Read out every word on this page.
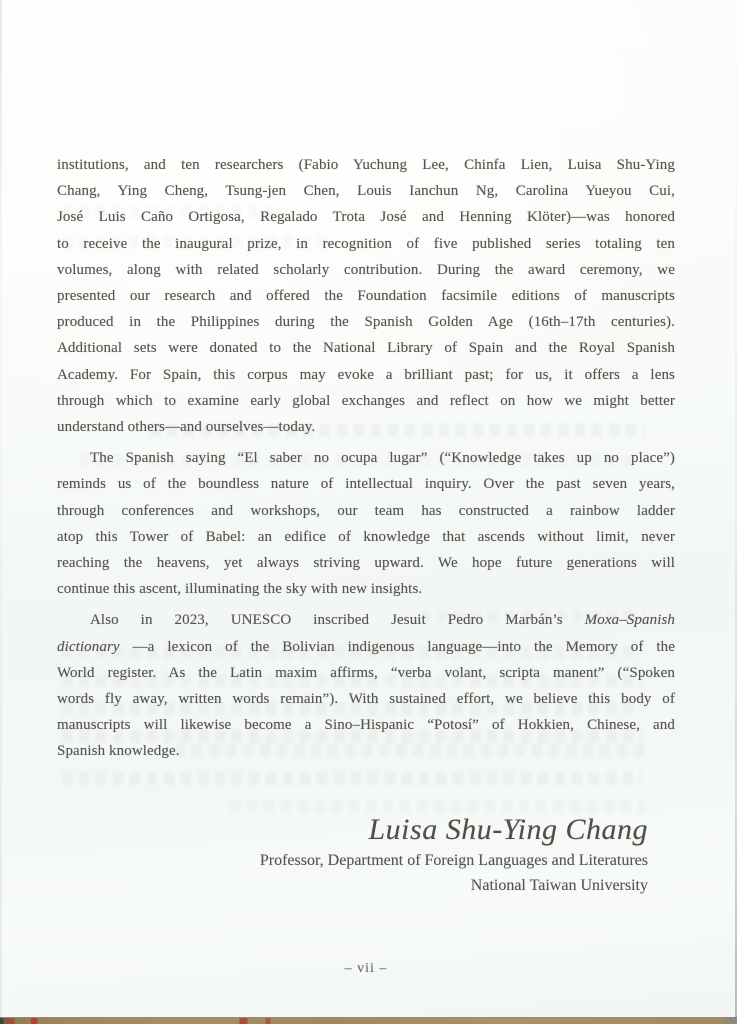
institutions, and ten researchers (Fabio Yuchung Lee, Chinfa Lien, Luisa Shu-Ying
Chang, Ying Cheng, Tsung-jen Chen, Louis Ianchun Ng, Carolina Yueyou Cui,
José Luis Caño Ortigosa, Regalado Trota José and Henning Klöter)—was honored
to receive the inaugural prize, in recognition of five published series totaling ten
volumes, along with related scholarly contribution. During the award ceremony, we
presented our research and offered the Foundation facsimile editions of manuscripts
produced in the Philippines during the Spanish Golden Age (16th–17th centuries).
Additional sets were donated to the National Library of Spain and the Royal Spanish
Academy. For Spain, this corpus may evoke a brilliant past; for us, it offers a lens
through which to examine early global exchanges and reflect on how we might better
understand others—and ourselves—today.
The Spanish saying “El saber no ocupa lugar” (“Knowledge takes up no place”)
reminds us of the boundless nature of intellectual inquiry. Over the past seven years,
through conferences and workshops, our team has constructed a rainbow ladder
atop this Tower of Babel: an edifice of knowledge that ascends without limit, never
reaching the heavens, yet always striving upward. We hope future generations will
continue this ascent, illuminating the sky with new insights.
Also in 2023, UNESCO inscribed Jesuit Pedro Marbán’s Moxa–Spanish
dictionary —a lexicon of the Bolivian indigenous language—into the Memory of the
World register. As the Latin maxim affirms, “verba volant, scripta manent” (“Spoken
words fly away, written words remain”). With sustained effort, we believe this body of
manuscripts will likewise become a Sino–Hispanic “Potosí” of Hokkien, Chinese, and
Spanish knowledge.
Luisa Shu-Ying Chang
Professor, Department of Foreign Languages and Literatures
National Taiwan University
– vii –
